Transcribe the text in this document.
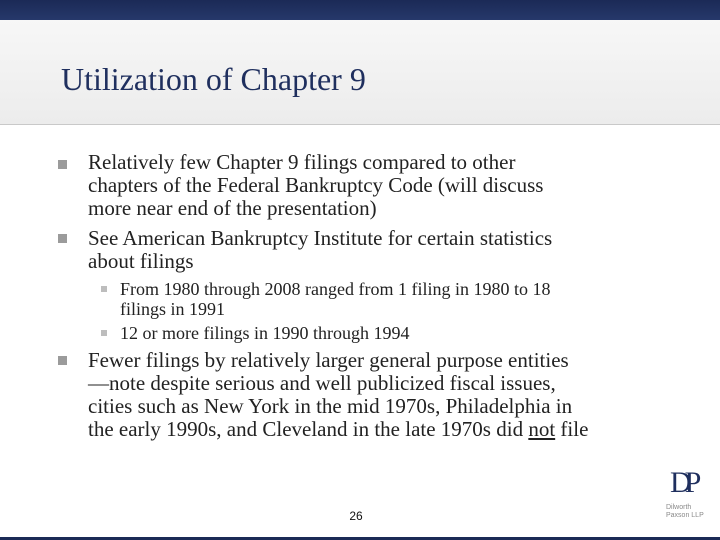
Utilization of Chapter 9
Relatively few Chapter 9 filings compared to other
chapters of the Federal Bankruptcy Code (will discuss
more near end of the presentation)
See American Bankruptcy Institute for certain statistics
about filings
From 1980 through 2008 ranged from 1 filing in 1980 to 18
filings in 1991
12 or more filings in 1990 through 1994
Fewer filings by relatively larger general purpose entities
—note despite serious and well publicized fiscal issues,
cities such as New York in the mid 1970s, Philadelphia in
the early 1990s, and Cleveland in the late 1970s did not file
26
DP
Dilworth
Paxson LLP
